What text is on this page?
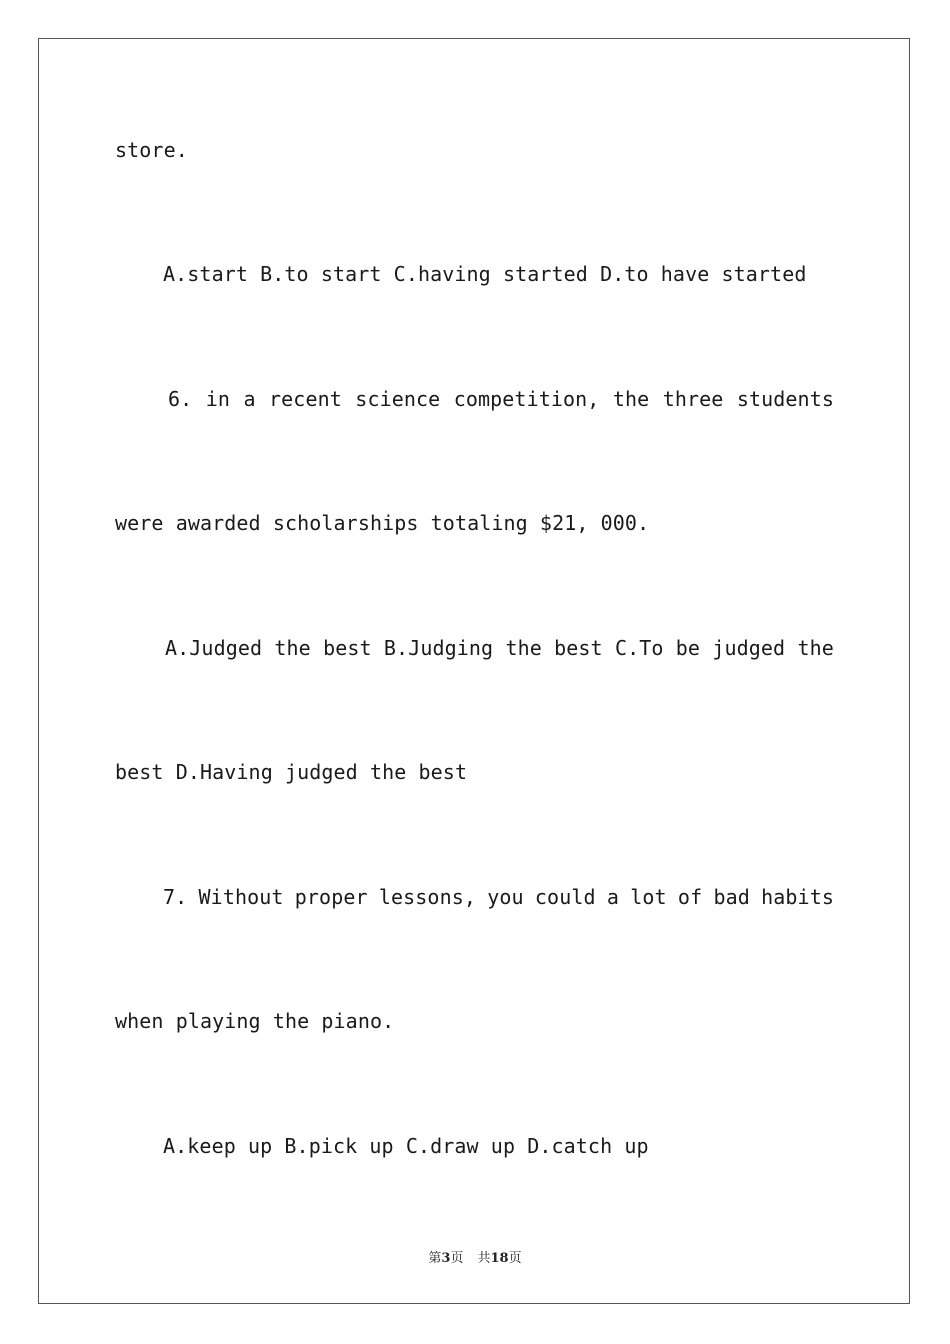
store.
A.start B.to start C.having started D.to have started
6. in a recent science competition, the three students
were awarded scholarships totaling $21, 000.
A.Judged the best B.Judging the best C.To be judged the
best D.Having judged the best
7. Without proper lessons, you could a lot of bad habits
when playing the piano.
A.keep up B.pick up C.draw up D.catch up
第3页 共18页
